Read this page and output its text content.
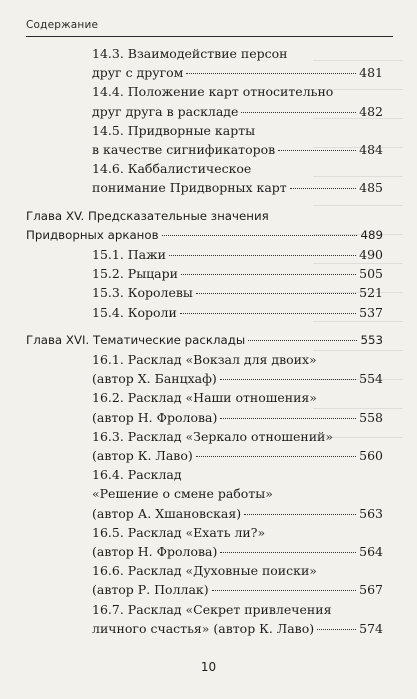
Содержание
14.3. Взаимодействие персон
друг с другом	481
14.4. Положение карт относительно
друг друга в раскладе	482
14.5. Придворные карты
в качестве сигнификаторов	484
14.6. Каббалистическое
понимание Придворных карт	485
Глава XV. Предсказательные значения
Придворных арканов	489
15.1. Пажи	490
15.2. Рыцари	505
15.3. Королевы	521
15.4. Короли	537
Глава XVI. Тематические расклады	553
16.1. Расклад «Вокзал для двоих»
(автор Х. Банцхаф)	554
16.2. Расклад «Наши отношения»
(автор Н. Фролова)	558
16.3. Расклад «Зеркало отношений»
(автор К. Лаво)	560
16.4. Расклад
«Решение о смене работы»
(автор А. Хшановская)	563
16.5. Расклад «Ехать ли?»
(автор Н. Фролова)	564
16.6. Расклад «Духовные поиски»
(автор Р. Поллак)	567
16.7. Расклад «Секрет привлечения
личного счастья» (автор К. Лаво)	574
10
